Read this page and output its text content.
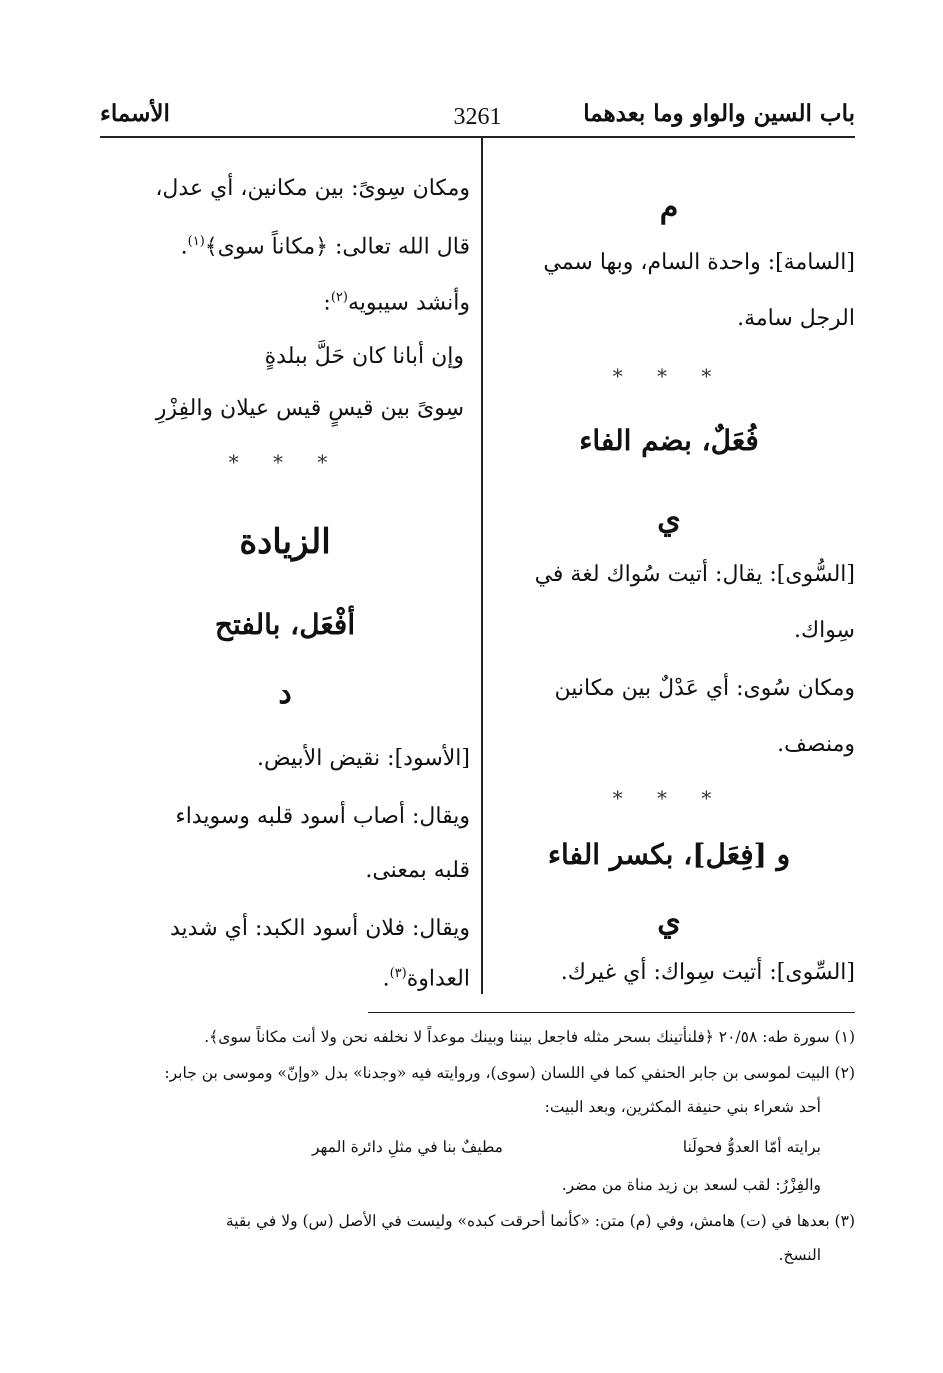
باب السين والواو وما بعدهما
3261
الأسماء
م
[السامة]: واحدة السام، وبها سمي
الرجل سامة.
* * *
فُعَلٌ، بضم الفاء
ي
[السُّوى]: يقال: أتيت سُواك لغة في
سِواك.
ومكان سُوى: أي عَدْلٌ بين مكانين
ومنصف.
* * *
و [فِعَل]، بكسر الفاء
ي
[السِّوى]: أتيت سِواك: أي غيرك.
ومكان سِوىً: بين مكانين، أي عدل،
قال الله تعالى: ﴿مكاناً سوى﴾$^{(١)}$.
وأنشد سيبويه$^{(٢)}$:
وإن أبانا كان حَلَّ ببلدةٍ
سِوىً بين قيسٍ قيس عيلان والفِزْرِ
* * *
الزيادة
أفْعَل، بالفتح
د
[الأسود]: نقيض الأبيض.
ويقال: أصاب أسود قلبه وسويداء
قلبه بمعنى.
ويقال: فلان أسود الكبد: أي شديد
العداوة$^{(٣)}$.
(١) سورة طه: ٢٠/٥٨ ﴿فلنأتينك بسحر مثله فاجعل بيننا وبينك موعداً لا نخلفه نحن ولا أنت مكاناً سوى﴾.
(٢) البيت لموسى بن جابر الحنفي كما في اللسان (سوى)، وروايته فيه «وجدنا» بدل «وإنّ» وموسى بن جابر:
أحد شعراء بني حنيفة المكثرين، وبعد البيت:
برايته أمّا العدوُّ فحولَنا
مطيفٌ بنا في مثلِ دائرة المهر
والفِزْرُ: لقب لسعد بن زيد مناة من مضر.
(٣) بعدها في (ت) هامش، وفي (م) متن: «كأنما أحرقت كبده» وليست في الأصل (س) ولا في بقية
النسخ.
